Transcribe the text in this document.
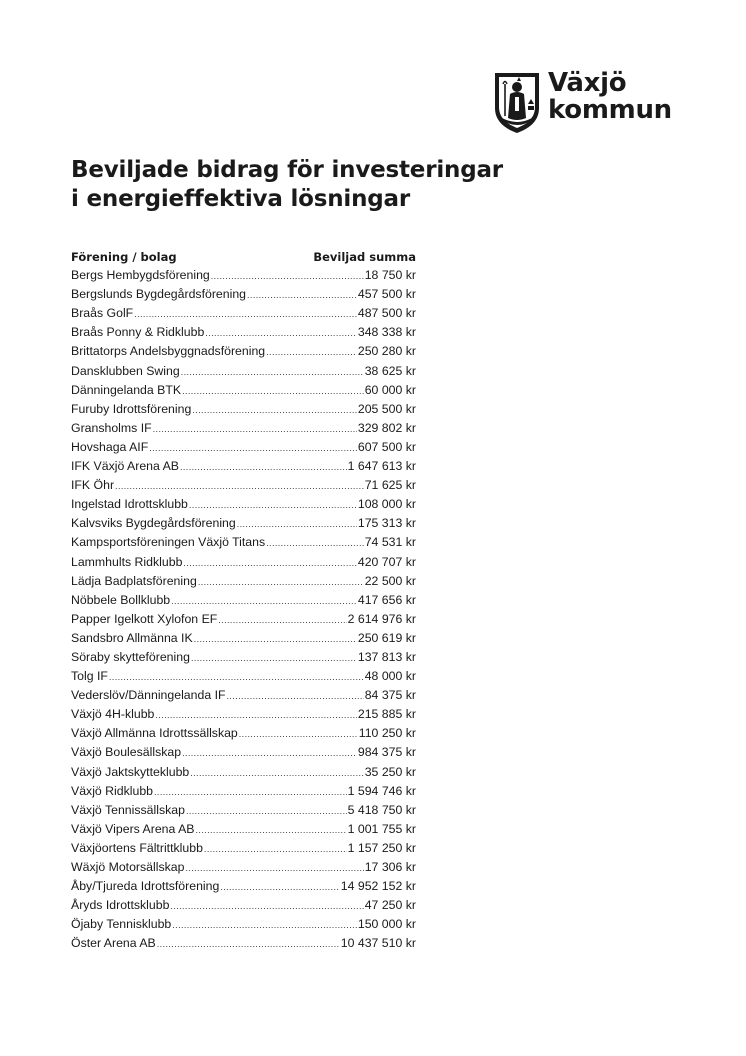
Växjö
kommun
Beviljade bidrag för investeringar
i energieffektiva lösningar
Förening / bolag	Beviljad summa
Bergs Hembygdsförening .....	18 750 kr
Bergslunds Bygdegårdsförening .....	457 500 kr
Braås GolF .....	487 500 kr
Braås Ponny & Ridklubb .....	348 338 kr
Brittatorps Andelsbyggnadsförening .....	250 280 kr
Dansklubben Swing .....	38 625 kr
Dänningelanda BTK .....	60 000 kr
Furuby Idrottsförening .....	205 500 kr
Gransholms IF .....	329 802 kr
Hovshaga AIF .....	607 500 kr
IFK Växjö Arena AB .....	1 647 613 kr
IFK Öhr .....	71 625 kr
Ingelstad Idrottsklubb .....	108 000 kr
Kalvsviks Bygdegårdsförening .....	175 313 kr
Kampsportsföreningen Växjö Titans .....	74 531 kr
Lammhults Ridklubb .....	420 707 kr
Lädja Badplatsförening .....	22 500 kr
Nöbbele Bollklubb .....	417 656 kr
Papper Igelkott Xylofon EF .....	2 614 976 kr
Sandsbro Allmänna IK .....	250 619 kr
Söraby skytteförening .....	137 813 kr
Tolg IF .....	48 000 kr
Vederslöv/Dänningelanda IF .....	84 375 kr
Växjö 4H-klubb .....	215 885 kr
Växjö Allmänna Idrottssällskap .....	110 250 kr
Växjö Boulesällskap .....	984 375 kr
Växjö Jaktskytteklubb .....	35 250 kr
Växjö Ridklubb .....	1 594 746 kr
Växjö Tennissällskap .....	5 418 750 kr
Växjö Vipers Arena AB .....	1 001 755 kr
Växjöortens Fältrittklubb .....	1 157 250 kr
Wäxjö Motorsällskap .....	17 306 kr
Åby/Tjureda Idrottsförening .....	14 952 152 kr
Åryds Idrottsklubb .....	47 250 kr
Öjaby Tennisklubb .....	150 000 kr
Öster Arena AB .....	10 437 510 kr
